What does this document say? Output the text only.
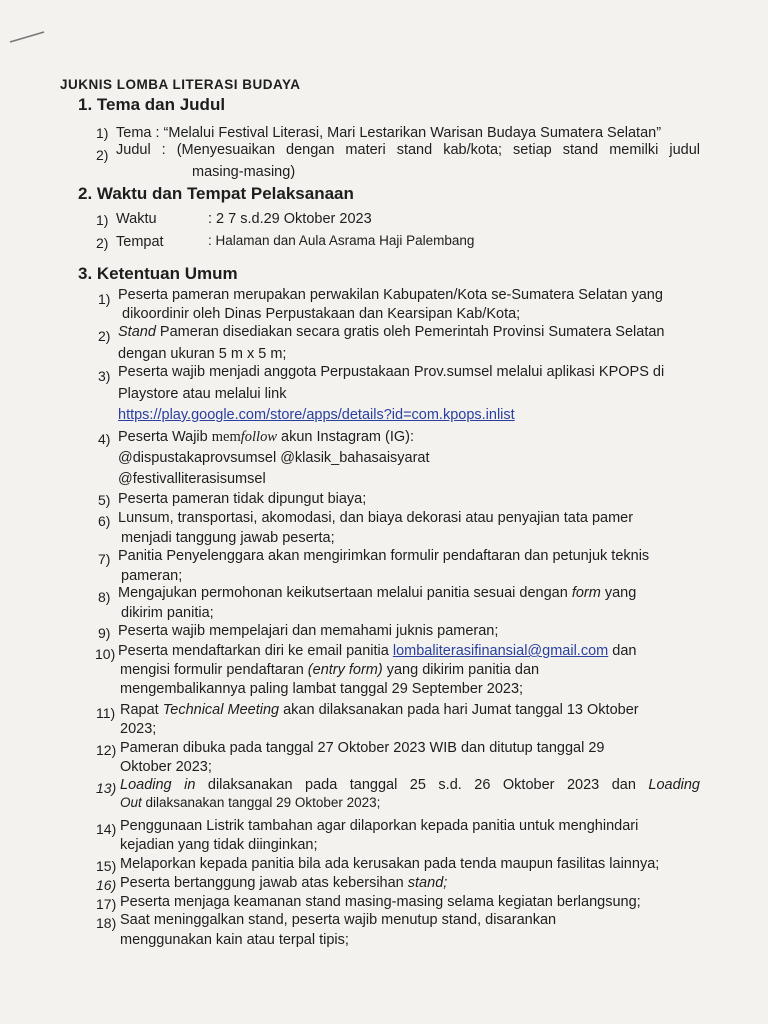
JUKNIS LOMBA LITERASI BUDAYA
1. Tema dan Judul
1) Tema : “Melalui Festival Literasi, Mari Lestarikan Warisan Budaya Sumatera Selatan”
2) Judul : (Menyesuaikan dengan materi stand kab/kota; setiap stand memilki judul
masing-masing)
2. Waktu dan Tempat Pelaksanaan
1) Waktu	: 2 7 s.d.29 Oktober 2023
2) Tempat	: Halaman dan Aula Asrama Haji Palembang
3. Ketentuan Umum
1) Peserta pameran merupakan perwakilan Kabupaten/Kota se-Sumatera Selatan yang
dikoordinir oleh Dinas Perpustakaan dan Kearsipan Kab/Kota;
2) Stand Pameran disediakan secara gratis oleh Pemerintah Provinsi Sumatera Selatan
dengan ukuran 5 m x 5 m;
3) Peserta wajib menjadi anggota Perpustakaan Prov.sumsel melalui aplikasi KPOPS di
Playstore atau melalui link
https://play.google.com/store/apps/details?id=com.kpops.inlist
4) Peserta Wajib memfollow akun Instagram (IG):
@dispustakaprovsumsel @klasik_bahasaisyarat
@festivalliterasisumsel
5) Peserta pameran tidak dipungut biaya;
6) Lunsum, transportasi, akomodasi, dan biaya dekorasi atau penyajian tata pamer
menjadi tanggung jawab peserta;
7) Panitia Penyelenggara akan mengirimkan formulir pendaftaran dan petunjuk teknis
pameran;
8) Mengajukan permohonan keikutsertaan melalui panitia sesuai dengan form yang
dikirim panitia;
9) Peserta wajib mempelajari dan memahami juknis pameran;
10) Peserta mendaftarkan diri ke email panitia lombaliterasifinansial@gmail.com dan
mengisi formulir pendaftaran (entry form) yang dikirim panitia dan
mengembalikannya paling lambat tanggal 29 September 2023;
11) Rapat Technical Meeting akan dilaksanakan pada hari Jumat tanggal 13 Oktober
2023;
12) Pameran dibuka pada tanggal 27 Oktober 2023 WIB dan ditutup tanggal 29
Oktober 2023;
13) Loading in dilaksanakan pada tanggal 25 s.d. 26 Oktober 2023 dan Loading
Out dilaksanakan tanggal 29 Oktober 2023;
14) Penggunaan Listrik tambahan agar dilaporkan kepada panitia untuk menghindari
kejadian yang tidak diinginkan;
15) Melaporkan kepada panitia bila ada kerusakan pada tenda maupun fasilitas lainnya;
16) Peserta bertanggung jawab atas kebersihan stand;
17) Peserta menjaga keamanan stand masing-masing selama kegiatan berlangsung;
18) Saat meninggalkan stand, peserta wajib menutup stand, disarankan
menggunakan kain atau terpal tipis;
